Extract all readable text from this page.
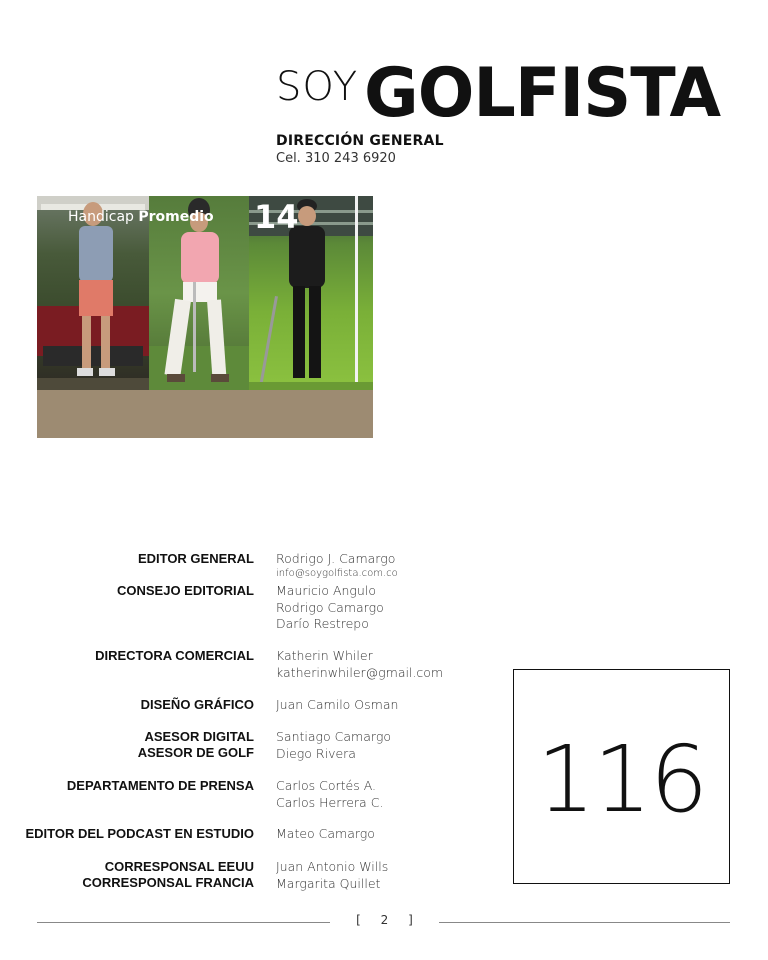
SOY GOLFISTA
DIRECCIÓN GENERAL
Cel. 310 243 6920
Handicap Promedio 14
EDITOR GENERAL Rodrigo J. Camargo
info@soygolfista.com.co
CONSEJO EDITORIAL Mauricio Angulo
Rodrigo Camargo
Darío Restrepo
DIRECTORA COMERCIAL Katherin Whiler
katherinwhiler@gmail.com
DISEÑO GRÁFICO Juan Camilo Osman
ASESOR DIGITAL
ASESOR DE GOLF
Santiago Camargo
Diego Rivera
DEPARTAMENTO DE PRENSA Carlos Cortés A.
Carlos Herrera C.
EDITOR DEL PODCAST EN ESTUDIO Mateo Camargo
CORRESPONSAL EEUU
CORRESPONSAL FRANCIA
Juan Antonio Wills
Margarita Quillet
116
[ 2 ]
